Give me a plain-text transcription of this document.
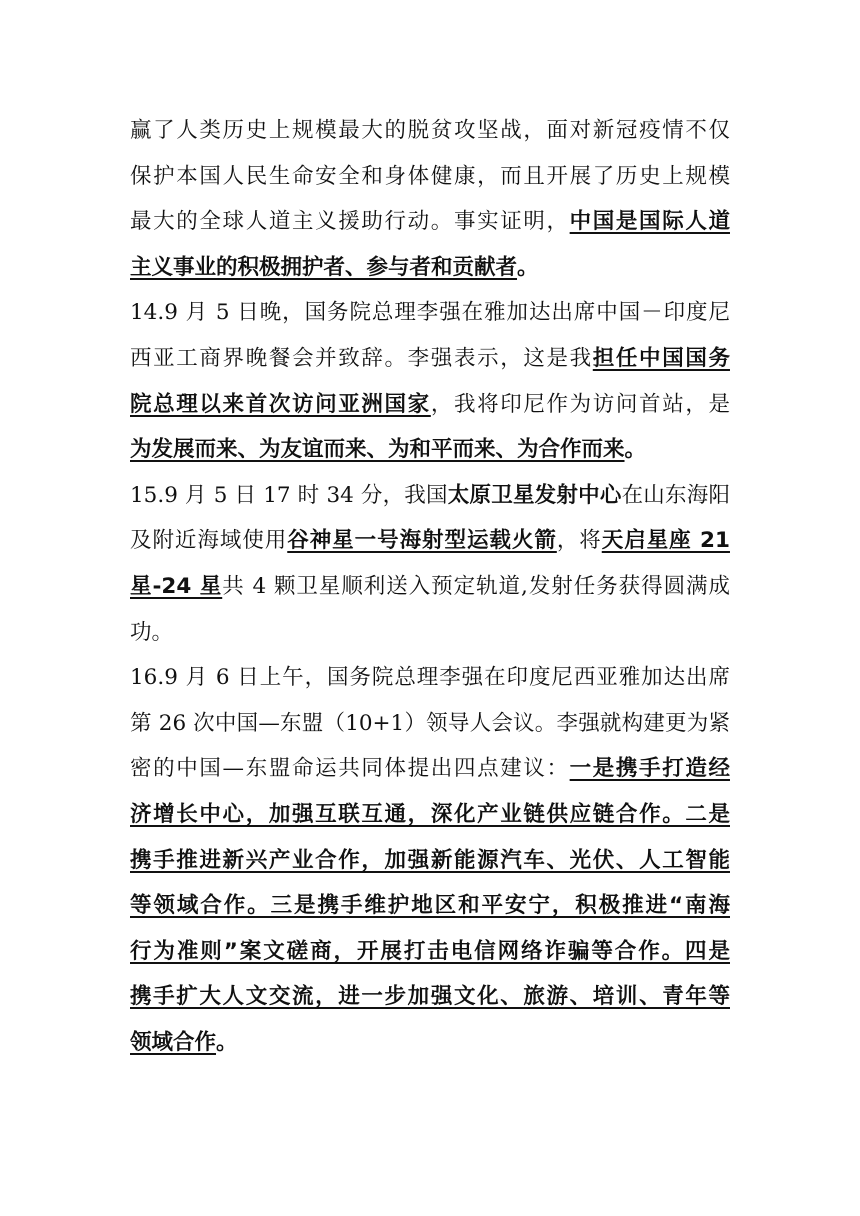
赢了人类历史上规模最大的脱贫攻坚战，面对新冠疫情不仅
保护本国人民生命安全和身体健康，而且开展了历史上规模
最大的全球人道主义援助行动。事实证明，中国是国际人道
主义事业的积极拥护者、参与者和贡献者。
14.9 月 5 日晚，国务院总理李强在雅加达出席中国－印度尼
西亚工商界晚餐会并致辞。李强表示，这是我担任中国国务
院总理以来首次访问亚洲国家，我将印尼作为访问首站，是
为发展而来、为友谊而来、为和平而来、为合作而来。
15.9 月 5 日 17 时 34 分，我国太原卫星发射中心在山东海阳
及附近海域使用谷神星一号海射型运载火箭，将天启星座 21
星-24 星共 4 颗卫星顺利送入预定轨道,发射任务获得圆满成
功。
16.9 月 6 日上午，国务院总理李强在印度尼西亚雅加达出席
第 26 次中国—东盟（10+1）领导人会议。李强就构建更为紧
密的中国—东盟命运共同体提出四点建议：一是携手打造经
济增长中心，加强互联互通，深化产业链供应链合作。二是
携手推进新兴产业合作，加强新能源汽车、光伏、人工智能
等领域合作。三是携手维护地区和平安宁，积极推进“南海
行为准则”案文磋商，开展打击电信网络诈骗等合作。四是
携手扩大人文交流，进一步加强文化、旅游、培训、青年等
领域合作。
